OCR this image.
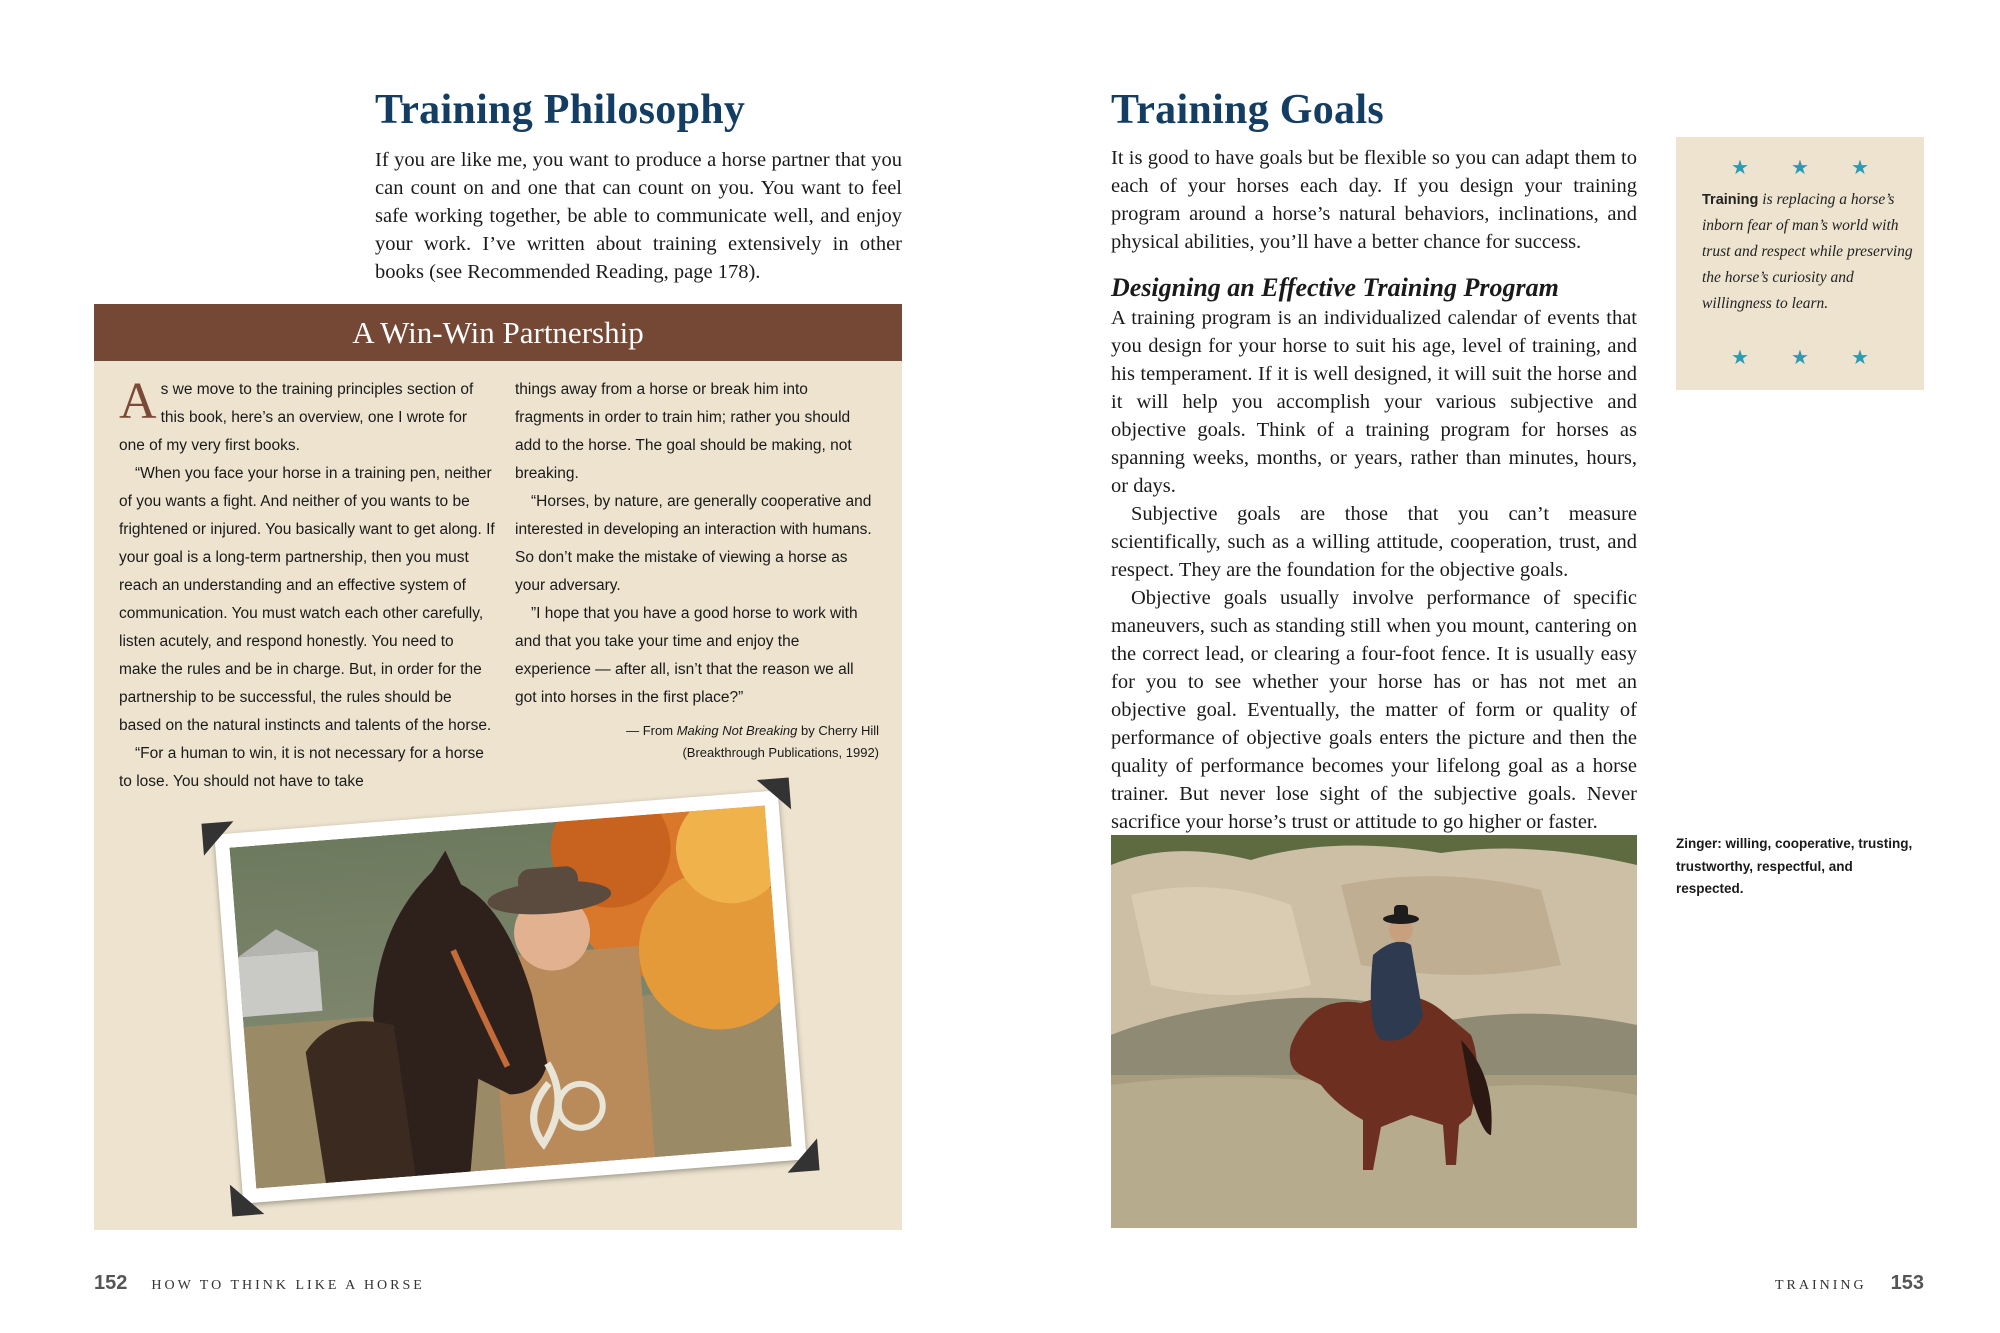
Training Philosophy

If you are like me, you want to produce a horse partner that you can count on and one that can count on you. You want to feel safe working together, be able to communicate well, and enjoy your work. I’ve written about training extensively in other books (see Recommended Reading, page 178).

A Win-Win Partnership

As we move to the training principles section of this book, here’s an overview, one I wrote for one of my very first books.

“When you face your horse in a training pen, neither of you wants a fight. And neither of you wants to be frightened or injured. You basically want to get along. If your goal is a long-term partnership, then you must reach an understanding and an effective system of communication. You must watch each other carefully, listen acutely, and respond honestly. You need to make the rules and be in charge. But, in order for the partnership to be successful, the rules should be based on the natural instincts and talents of the horse.

“For a human to win, it is not necessary for a horse to lose. You should not have to take

things away from a horse or break him into fragments in order to train him; rather you should add to the horse. The goal should be making, not breaking.

“Horses, by nature, are generally cooperative and interested in developing an interaction with humans. So don’t make the mistake of viewing a horse as your adversary.

”I hope that you have a good horse to work with and that you take your time and enjoy the experience — after all, isn’t that the reason we all got into horses in the first place?”

— From Making Not Breaking by Cherry Hill
(Breakthrough Publications, 1992)
Training Goals

It is good to have goals but be flexible so you can adapt them to each of your horses each day. If you design your training program around a horse’s natural behaviors, inclinations, and physical abilities, you’ll have a better chance for success.

Designing an Effective Training Program

A training program is an individualized calendar of events that you design for your horse to suit his age, level of training, and his temperament. If it is well designed, it will suit the horse and it will help you accomplish your various subjective and objective goals. Think of a training program for horses as spanning weeks, months, or years, rather than minutes, hours, or days.

Subjective goals are those that you can’t measure scientifically, such as a willing attitude, cooperation, trust, and respect. They are the foundation for the objective goals.

Objective goals usually involve performance of specific maneuvers, such as standing still when you mount, cantering on the correct lead, or clearing a four-foot fence. It is usually easy for you to see whether your horse has or has not met an objective goal. Eventually, the matter of form or quality of performance of objective goals enters the picture and then the quality of performance becomes your lifelong goal as a horse trainer. But never lose sight of the subjective goals. Never sacrifice your horse’s trust or attitude to go higher or faster.

★ ★ ★
Training is replacing a horse’s inborn fear of man’s world with trust and respect while preserving the horse’s curiosity and willingness to learn.
★ ★ ★
Zinger: willing, cooperative, trusting, trustworthy, respectful, and respected.
152 HOW TO THINK LIKE A HORSE	TRAINING 153
